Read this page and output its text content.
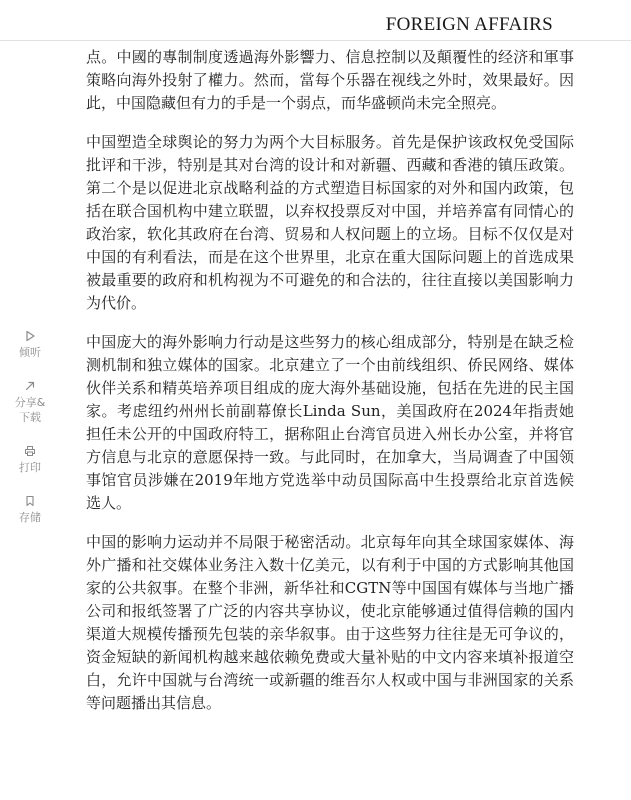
FOREIGN AFFAIRS
倾听
分享&
下载
打印
存储

点。中國的專制制度透過海外影響力、信息控制以及顛覆性的经济和軍事策略向海外投射了權力。然而，當每个乐器在视线之外时，效果最好。因此，中国隐藏但有力的手是一个弱点，而华盛顿尚未完全照亮。

中国塑造全球舆论的努力为两个大目标服务。首先是保护该政权免受国际批评和干涉，特别是其对台湾的设计和对新疆、西藏和香港的镇压政策。第二个是以促进北京战略利益的方式塑造目标国家的对外和国内政策，包括在联合国机构中建立联盟，以弃权投票反对中国，并培养富有同情心的政治家，软化其政府在台湾、贸易和人权问题上的立场。目标不仅仅是对中国的有利看法，而是在这个世界里，北京在重大国际问题上的首选成果被最重要的政府和机构视为不可避免的和合法的，往往直接以美国影响力为代价。

中国庞大的海外影响力行动是这些努力的核心组成部分，特别是在缺乏检测机制和独立媒体的国家。北京建立了一个由前线组织、侨民网络、媒体伙伴关系和精英培养项目组成的庞大海外基础设施，包括在先进的民主国家。考虑纽约州州长前副幕僚长Linda Sun，美国政府在2024年指责她担任未公开的中国政府特工，据称阻止台湾官员进入州长办公室，并将官方信息与北京的意愿保持一致。与此同时，在加拿大，当局调查了中国领事馆官员涉嫌在2019年地方党选举中动员国际高中生投票给北京首选候选人。

中国的影响力运动并不局限于秘密活动。北京每年向其全球国家媒体、海外广播和社交媒体业务注入数十亿美元，以有利于中国的方式影响其他国家的公共叙事。在整个非洲，新华社和CGTN等中国国有媒体与当地广播公司和报纸签署了广泛的内容共享协议，使北京能够通过值得信赖的国内渠道大规模传播预先包装的亲华叙事。由于这些努力往往是无可争议的，资金短缺的新闻机构越来越依赖免费或大量补贴的中文内容来填补报道空白，允许中国就与台湾统一或新疆的维吾尔人权或中国与非洲国家的关系等问题播出其信息。
